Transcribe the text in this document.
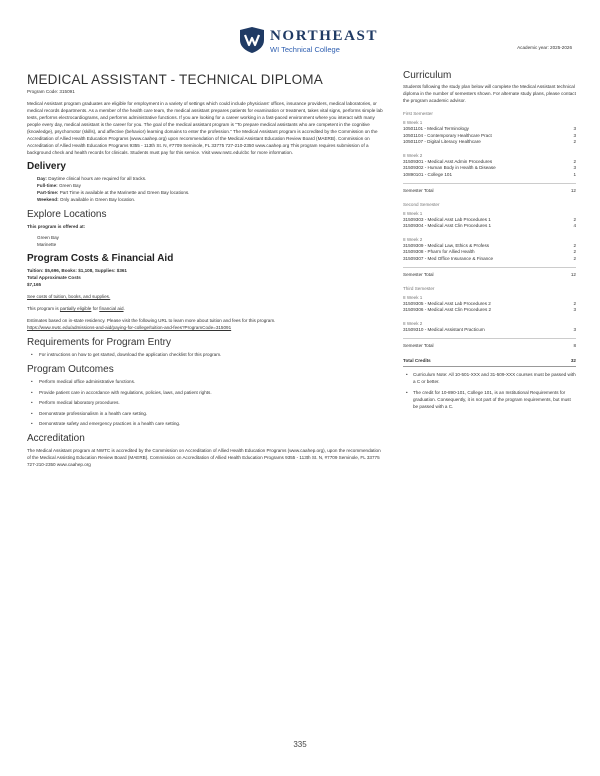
NORTHEAST
WI Technical College	Academic year: 2025-2026
MEDICAL ASSISTANT - TECHNICAL DIPLOMA
Program Code: 315091

Medical Assistant program graduates are eligible for employment in a variety of settings which could include physicians' offices, insurance providers, medical laboratories, or medical records departments. As a member of the health care team, the medical assistant prepares patients for examination or treatment, takes vital signs, performs simple lab tests, performs electrocardiograms, and performs administrative functions. If you are looking for a career working in a fast-paced environment where you interact with many people every day, medical assistant is the career for you. The goal of the medical assistant program is "To prepare medical assistants who are competent in the cognitive (knowledge), psychomotor (skills), and affective (behavior) learning domains to enter the profession." The Medical Assistant program is accredited by the Commission on the Accreditation of Allied Health Education Programs (www.caahep.org) upon recommendation of the Medical Assistant Education Review Board (MAERB). Commission on Accreditation of Allied Health Education Programs 9355 - 113th St. N, #7709 Seminole, FL 33775 727-210-2350 www.caahep.org This program requires submission of a background check and health records for clinicals. Students must pay for this service. Visit www.nwtc.edu/cbc for more information.

Delivery
Day: Daytime clinical hours are required for all tracks.
Full-time: Green Bay
Part-time: Part Time is available at the Marinette and Green Bay locations.
Weekend: Only available in Green Bay location.
Explore Locations
This program is offered at:
Green Bay
Marinette
Program Costs & Financial Aid
Tuition: $5,696, Books: $1,108, Supplies: $361
Total Approximate Costs
$7,165
See costs of tuition, books, and supplies.
This program is partially eligible for financial aid.

Estimates based on in-state residency. Please visit the following URL to learn more about tuition and fees for this program.

https://www.nwtc.edu/admissions-and-aid/paying-for-college/tuition-and-fees?ProgramCode=315091
Requirements for Program Entry
• For instructions on how to get started, download the application checklist for this program.
Program Outcomes
• Perform medical office administrative functions.
• Provide patient care in accordance with regulations, policies, laws, and patient rights.
• Perform medical laboratory procedures.
• Demonstrate professionalism in a health care setting.
• Demonstrate safety and emergency practices in a health care setting.
Accreditation

The Medical Assistant program at NWTC is accredited by the Commission on Accreditation of Allied Health Education Programs (www.caahep.org), upon the recommendation of the Medical Assisting Education Review Board (MAERB). Commission on Accreditation of Allied Health Education Programs 9355 - 113th St. N, #7709 Seminole, FL 33775 727-210-2350 www.caahep.org

Curriculum

Students following the study plan below will complete the Medical Assistant technical diploma in the number of semesters shown. For alternate study plans, please contact the program academic advisor.

First Semester
8 Week 1
10501101 - Medical Terminology	3
10501104 - Contemporary Healthcare Pract	3
10501107 - Digital Literacy Healthcare	2
8 Week 2
31509301 - Medical Asst Admin Procedures	2
31509302 - Human Body in Health & Disease	3
10890101 - College 101	1
Semester Total	12
Second Semester
8 Week 1
31509303 - Medical Asst Lab Procedures 1	2
31509304 - Medical Asst Clin Procedures 1	4
8 Week 2
31509309 - Medical Law, Ethics & Profess	2
31509308 - Pharm for Allied Health	2
31509307 - Med Office Insurance & Finance	2
Semester Total	12
Third Semester
8 Week 1
31509305 - Medical Asst Lab Procedures 2	2
31509306 - Medical Asst Clin Procedures 2	3
8 Week 2
31509310 - Medical Assistant Practicum	3
Semester Total	8
Total Credits	32
• Curriculum Note: All 10-501-XXX and 31-509-XXX courses must be passed with a C or better.
• The credit for 10-890-101, College 101, is an Institutional Requirements for graduation. Consequently, it is not part of the program requirements, but must be passed with a C.
335
